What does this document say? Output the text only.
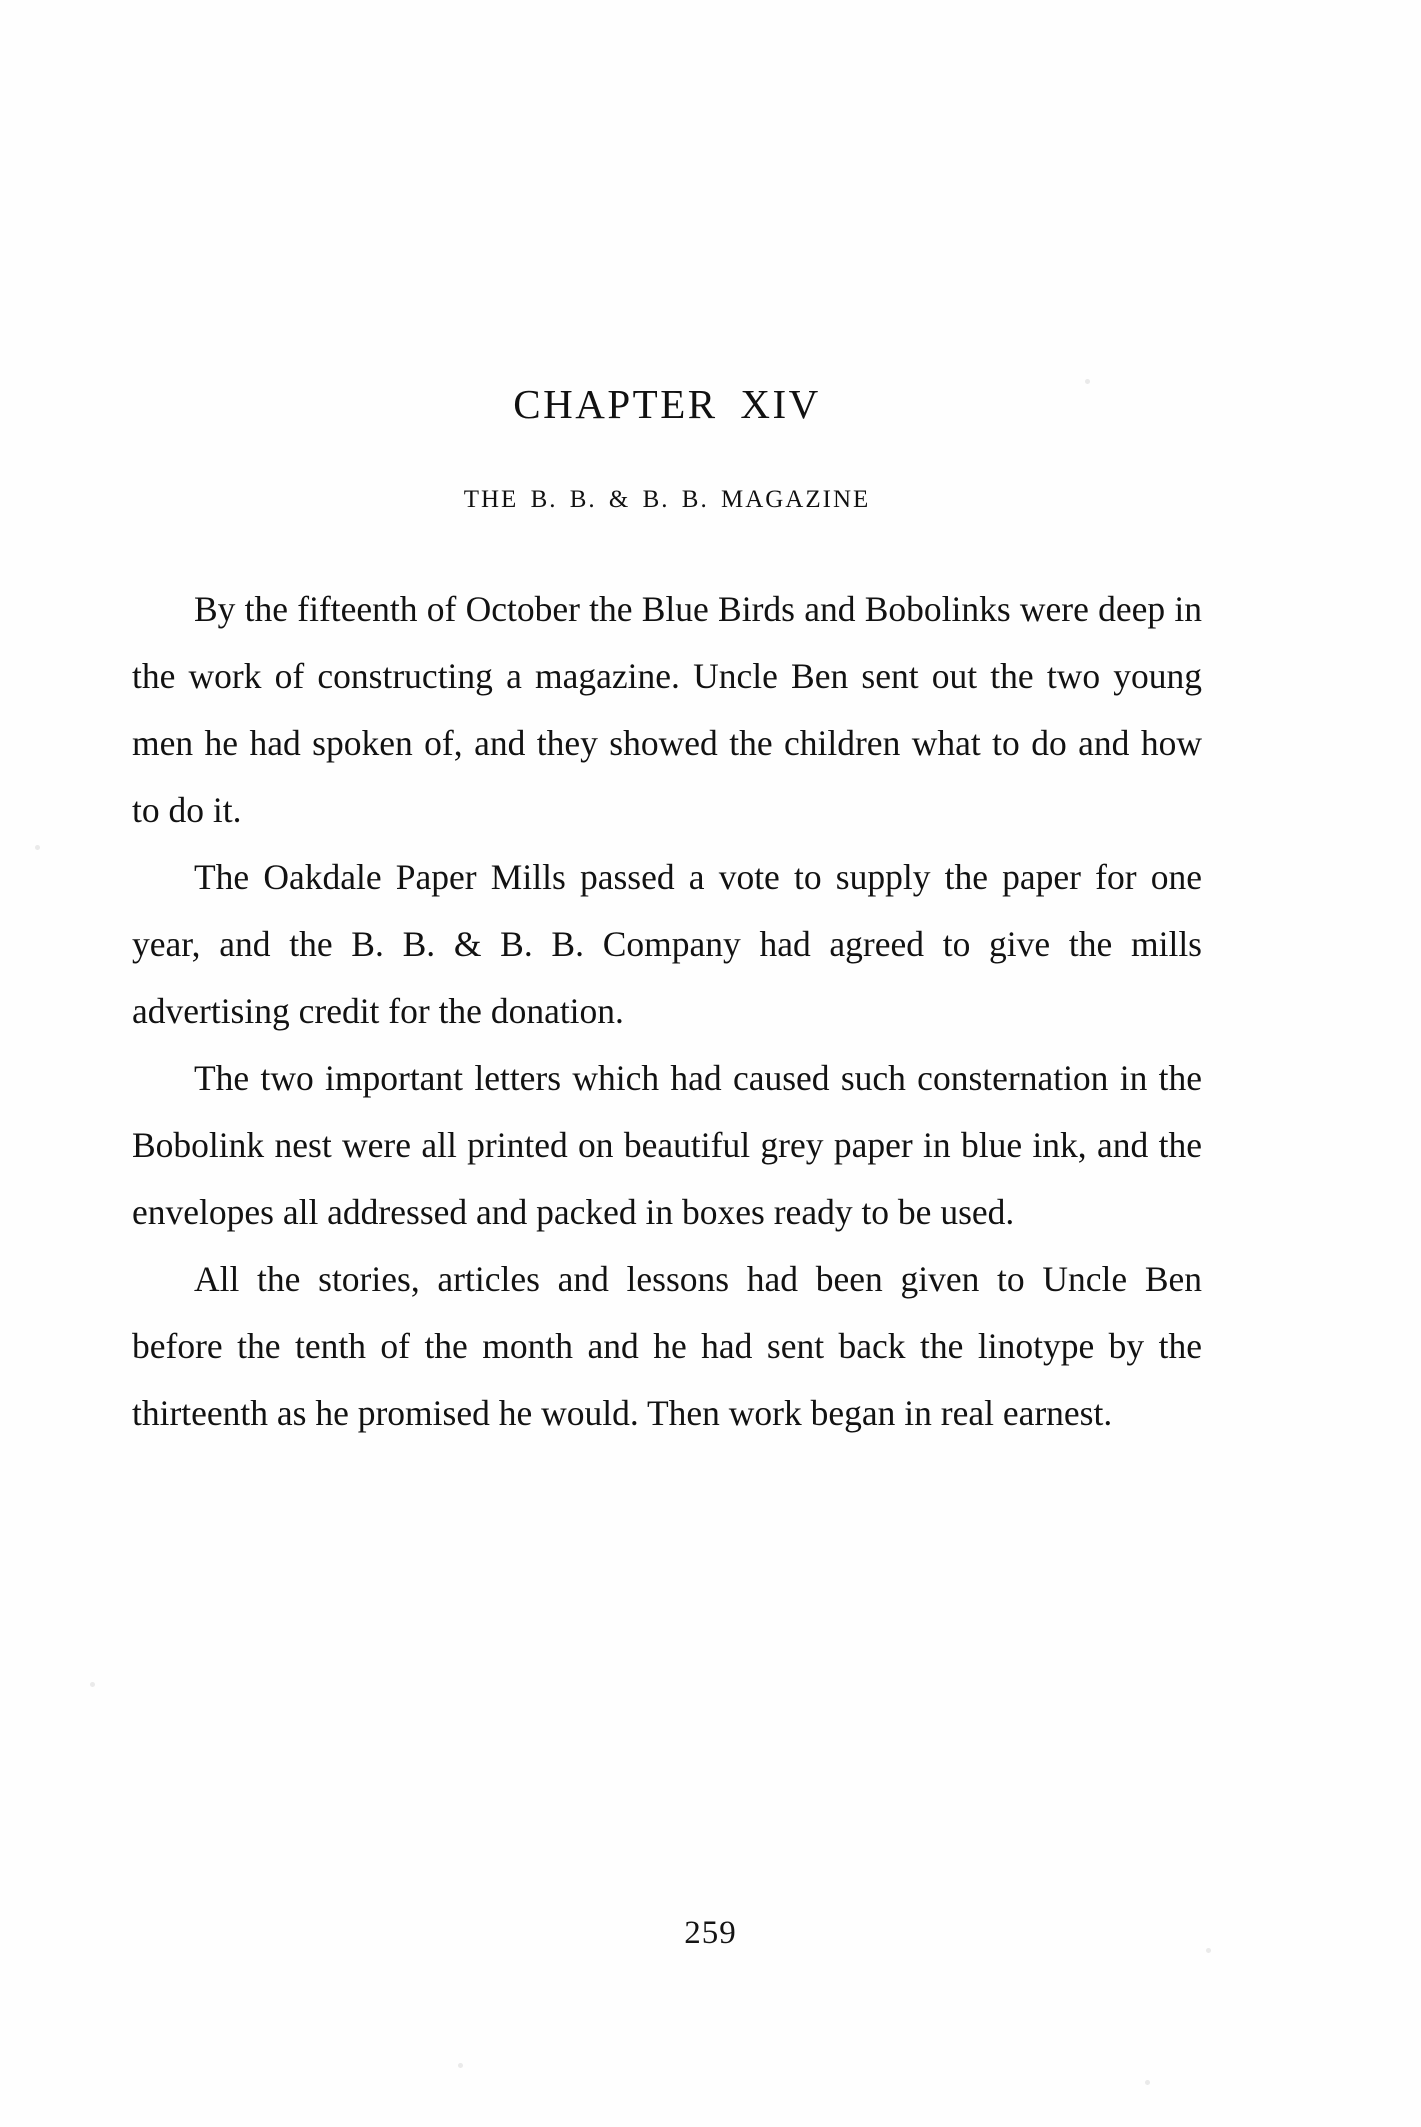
CHAPTER XIV
THE B. B. & B. B. MAGAZINE

By the fifteenth of October the Blue Birds and Bobolinks were deep in the work of constructing a magazine. Uncle Ben sent out the two young men he had spoken of, and they showed the children what to do and how to do it.

The Oakdale Paper Mills passed a vote to supply the paper for one year, and the B. B. & B. B. Company had agreed to give the mills advertising credit for the donation.

The two important letters which had caused such consternation in the Bobolink nest were all printed on beautiful grey paper in blue ink, and the envelopes all addressed and packed in boxes ready to be used.

All the stories, articles and lessons had been given to Uncle Ben before the tenth of the month and he had sent back the linotype by the thirteenth as he promised he would. Then work began in real earnest.

259
